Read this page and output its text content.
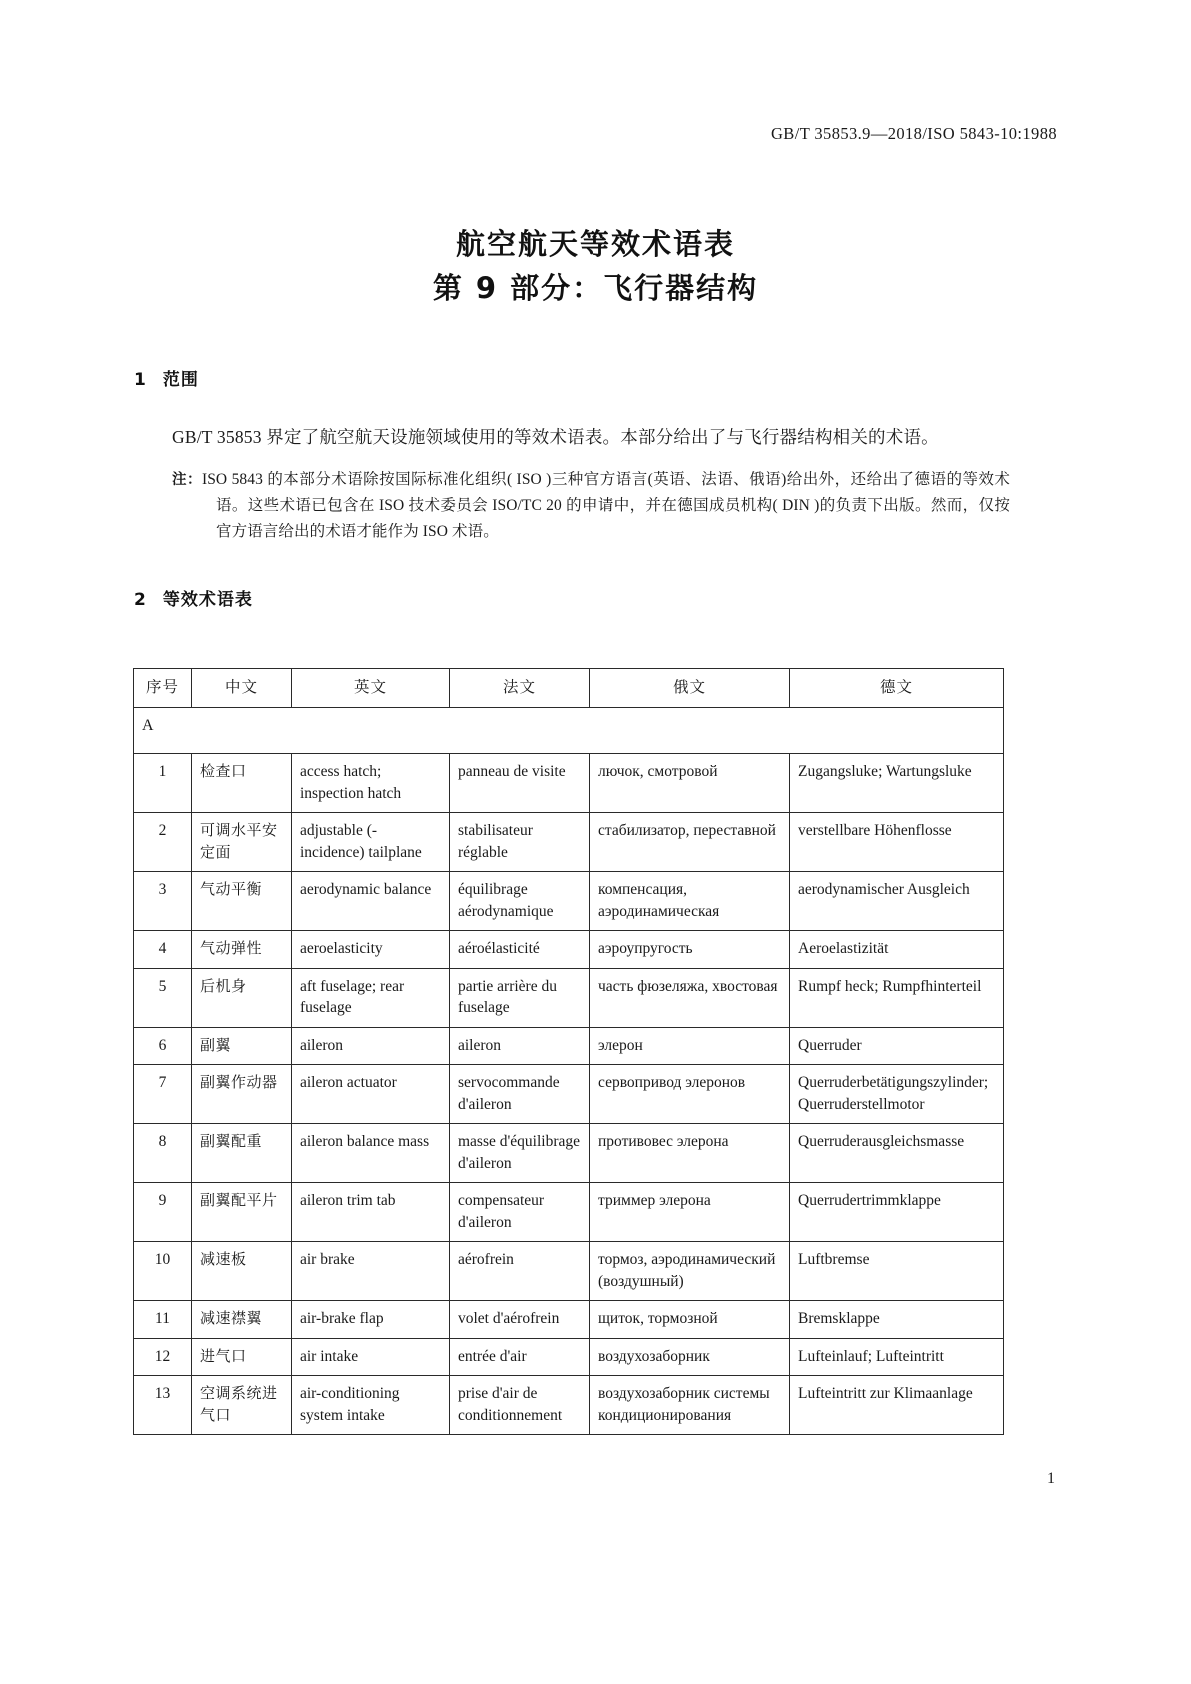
GB/T 35853.9—2018/ISO 5843-10:1988
航空航天等效术语表
第 9 部分：飞行器结构
1 范围
GB/T 35853 界定了航空航天设施领域使用的等效术语表。本部分给出了与飞行器结构相关的术语。
注：ISO 5843 的本部分术语除按国际标准化组织( ISO )三种官方语言(英语、法语、俄语)给出外，还给出了德语的等效术语。这些术语已包含在 ISO 技术委员会 ISO/TC 20 的申请中，并在德国成员机构( DIN )的负责下出版。然而，仅按官方语言给出的术语才能作为 ISO 术语。
2 等效术语表
序号	中文	英文	法文	俄文	德文
A					
1	检查口	access hatch; inspection hatch	panneau de visite	лючок, смотровой	Zugangsluke; Wartungsluke
2	可调水平安定面	adjustable (-incidence) tailplane	stabilisateur réglable	стабилизатор, переставной	verstellbare Höhenflosse
3	气动平衡	aerodynamic balance	équilibrage aérodynamique	компенсация, аэродинамическая	aerodynamischer Ausgleich
4	气动弹性	aeroelasticity	aéroélasticité	аэроупругость	Aeroelastizität
5	后机身	aft fuselage; rear fuselage	partie arrière du fuselage	часть фюзеляжа, хвостовая	Rumpf heck; Rumpfhinterteil
6	副翼	aileron	aileron	элерон	Querruder
7	副翼作动器	aileron actuator	servocommande d'aileron	сервопривод элеронов	Querruderbetätigungszylinder; Querruderstellmotor
8	副翼配重	aileron balance mass	masse d'équilibrage d'aileron	противовес элерона	Querruderausgleichsmasse
9	副翼配平片	aileron trim tab	compensateur d'aileron	триммер элерона	Querrudertrimmklappe
10	减速板	air brake	aérofrein	тормоз, аэродинамический (воздушный)	Luftbremse
11	减速襟翼	air-brake flap	volet d'aérofrein	щиток, тормозной	Bremsklappe
12	进气口	air intake	entrée d'air	воздухозаборник	Lufteinlauf; Lufteintritt
13	空调系统进气口	air-conditioning system intake	prise d'air de conditionnement	воздухозаборник системы кондиционирования	Lufteintritt zur Klimaanlage
1
